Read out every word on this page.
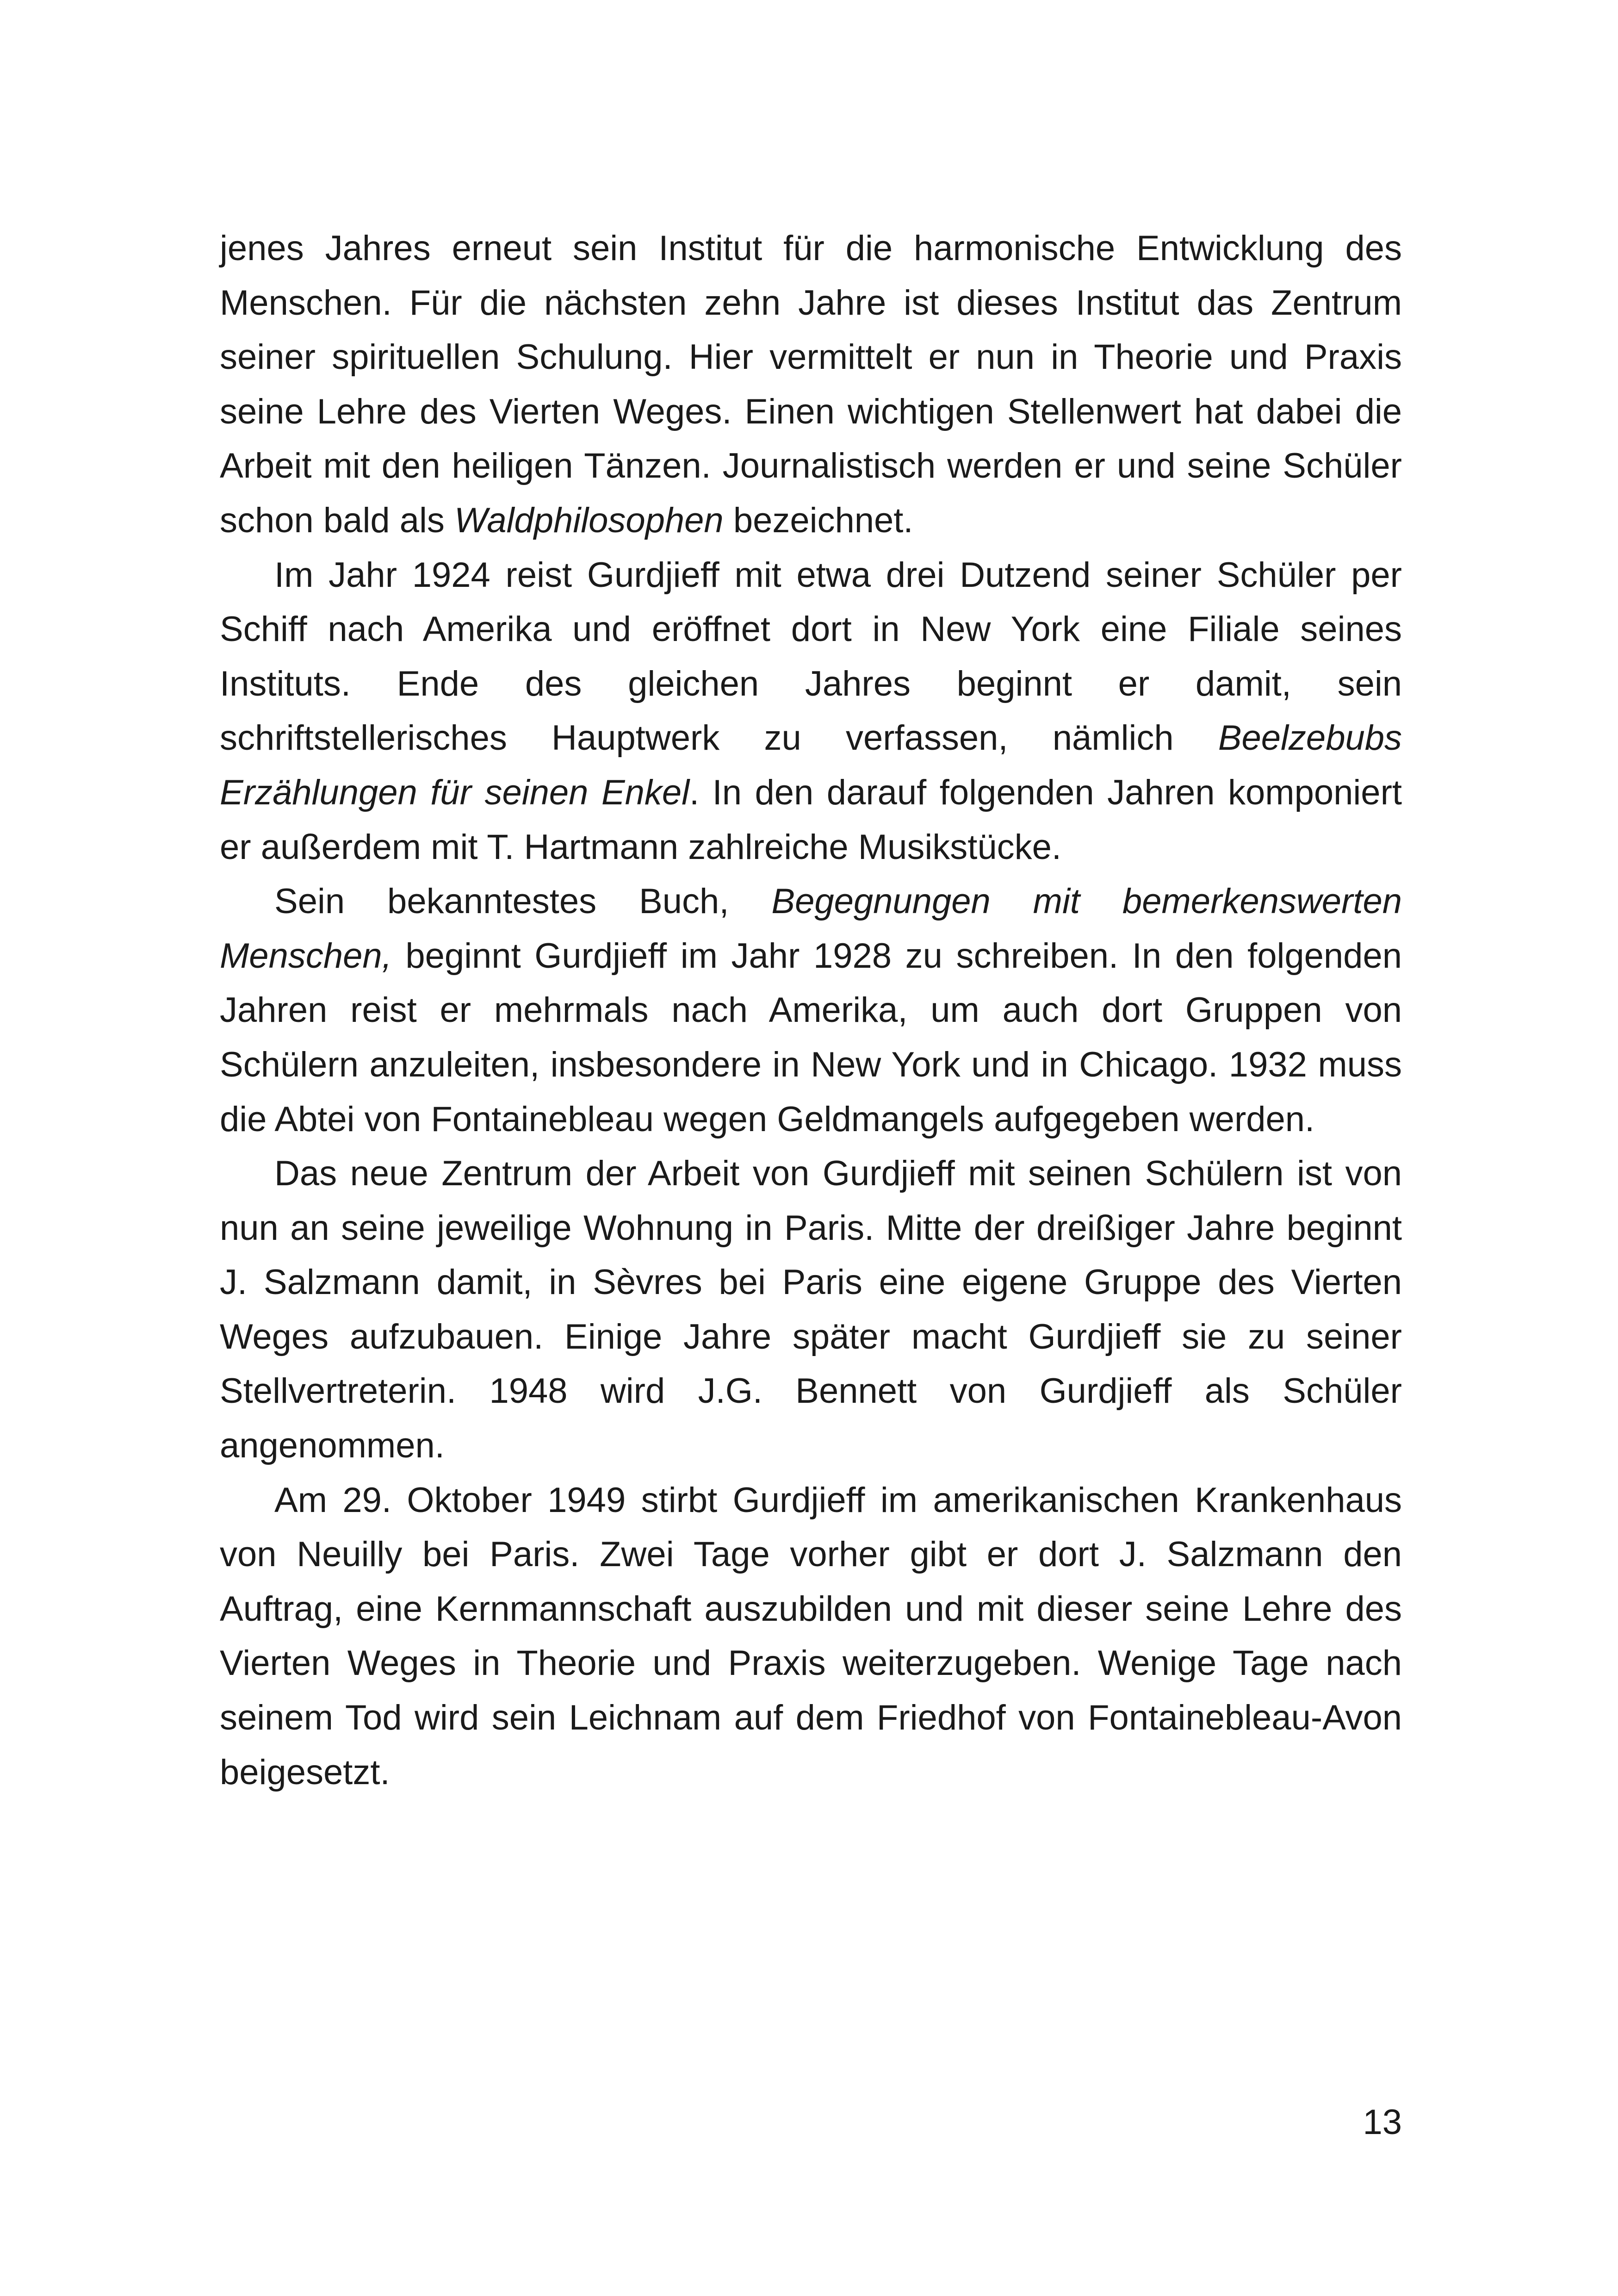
jenes Jahres erneut sein Institut für die harmonische Entwicklung des Menschen. Für die nächsten zehn Jahre ist dieses Institut das Zentrum seiner spirituellen Schulung. Hier vermittelt er nun in Theorie und Praxis seine Lehre des Vierten Weges. Einen wichtigen Stellenwert hat dabei die Arbeit mit den heiligen Tänzen. Journalistisch werden er und seine Schüler schon bald als Waldphilosophen bezeichnet.

Im Jahr 1924 reist Gurdjieff mit etwa drei Dutzend seiner Schüler per Schiff nach Amerika und eröffnet dort in New York eine Filiale seines Instituts. Ende des gleichen Jahres beginnt er damit, sein schriftstellerisches Hauptwerk zu verfassen, nämlich Beelzebubs Erzählungen für seinen Enkel. In den darauf folgenden Jahren komponiert er außerdem mit T. Hartmann zahlreiche Musikstücke.

Sein bekanntestes Buch, Begegnungen mit bemerkenswerten Menschen, beginnt Gurdjieff im Jahr 1928 zu schreiben. In den folgenden Jahren reist er mehrmals nach Amerika, um auch dort Gruppen von Schülern anzuleiten, insbesondere in New York und in Chicago. 1932 muss die Abtei von Fontainebleau wegen Geldmangels aufgegeben werden.

Das neue Zentrum der Arbeit von Gurdjieff mit seinen Schülern ist von nun an seine jeweilige Wohnung in Paris. Mitte der dreißiger Jahre beginnt J. Salzmann damit, in Sèvres bei Paris eine eigene Gruppe des Vierten Weges aufzubauen. Einige Jahre später macht Gurdjieff sie zu seiner Stellvertreterin. 1948 wird J.G. Bennett von Gurdjieff als Schüler angenommen.

Am 29. Oktober 1949 stirbt Gurdjieff im amerikanischen Krankenhaus von Neuilly bei Paris. Zwei Tage vorher gibt er dort J. Salzmann den Auftrag, eine Kernmannschaft auszubilden und mit dieser seine Lehre des Vierten Weges in Theorie und Praxis weiterzugeben. Wenige Tage nach seinem Tod wird sein Leichnam auf dem Friedhof von Fontainebleau-Avon beigesetzt.

13
